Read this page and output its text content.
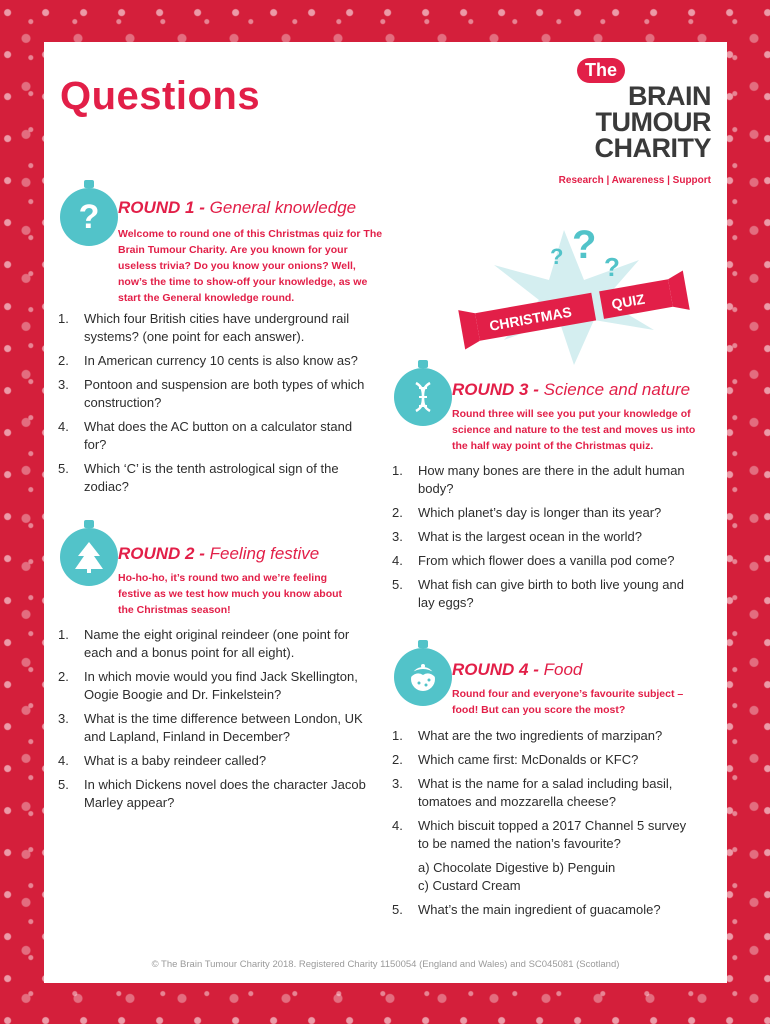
Questions
The
BRAIN
TUMOUR
CHARITY
Research | Awareness | Support
?
? ?
CHRISTMAS
QUIZ
?	ROUND 1 - General knowledge

Welcome to round one of this Christmas quiz for The Brain Tumour Charity. Are you known for your useless trivia? Do you know your onions? Well, now’s the time to show-off your knowledge, as we start the General knowledge round.

1. Which four British cities have underground rail systems? (one point for each answer).
2. In American currency 10 cents is also know as?
3. Pontoon and suspension are both types of which construction?
4. What does the AC button on a calculator stand for?
5. Which ‘C’ is the tenth astrological sign of the zodiac?
ROUND 2 - Feeling festive

Ho-ho-ho, it’s round two and we’re feeling festive as we test how much you know about the Christmas season!

1. Name the eight original reindeer (one point for each and a bonus point for all eight).
2. In which movie would you find Jack Skellington, Oogie Boogie and Dr. Finkelstein?
3. What is the time difference between London, UK and Lapland, Finland in December?
4. What is a baby reindeer called?
5. In which Dickens novel does the character Jacob Marley appear?
ROUND 3 - Science and nature

Round three will see you put your knowledge of science and nature to the test and moves us into the half way point of the Christmas quiz.

1. How many bones are there in the adult human body?
2. Which planet’s day is longer than its year?
3. What is the largest ocean in the world?
4. From which flower does a vanilla pod come?
5. What fish can give birth to both live young and lay eggs?
ROUND 4 - Food

Round four and everyone’s favourite subject – food! But can you score the most?

1. What are the two ingredients of marzipan?
2. Which came first: McDonalds or KFC?
3. What is the name for a salad including basil, tomatoes and mozzarella cheese?
4. Which biscuit topped a 2017 Channel 5 survey to be named the nation’s favourite?
a) Chocolate Digestive b) Penguin
c) Custard Cream
5. What’s the main ingredient of guacamole?
© The Brain Tumour Charity 2018. Registered Charity 1150054 (England and Wales) and SC045081 (Scotland)
